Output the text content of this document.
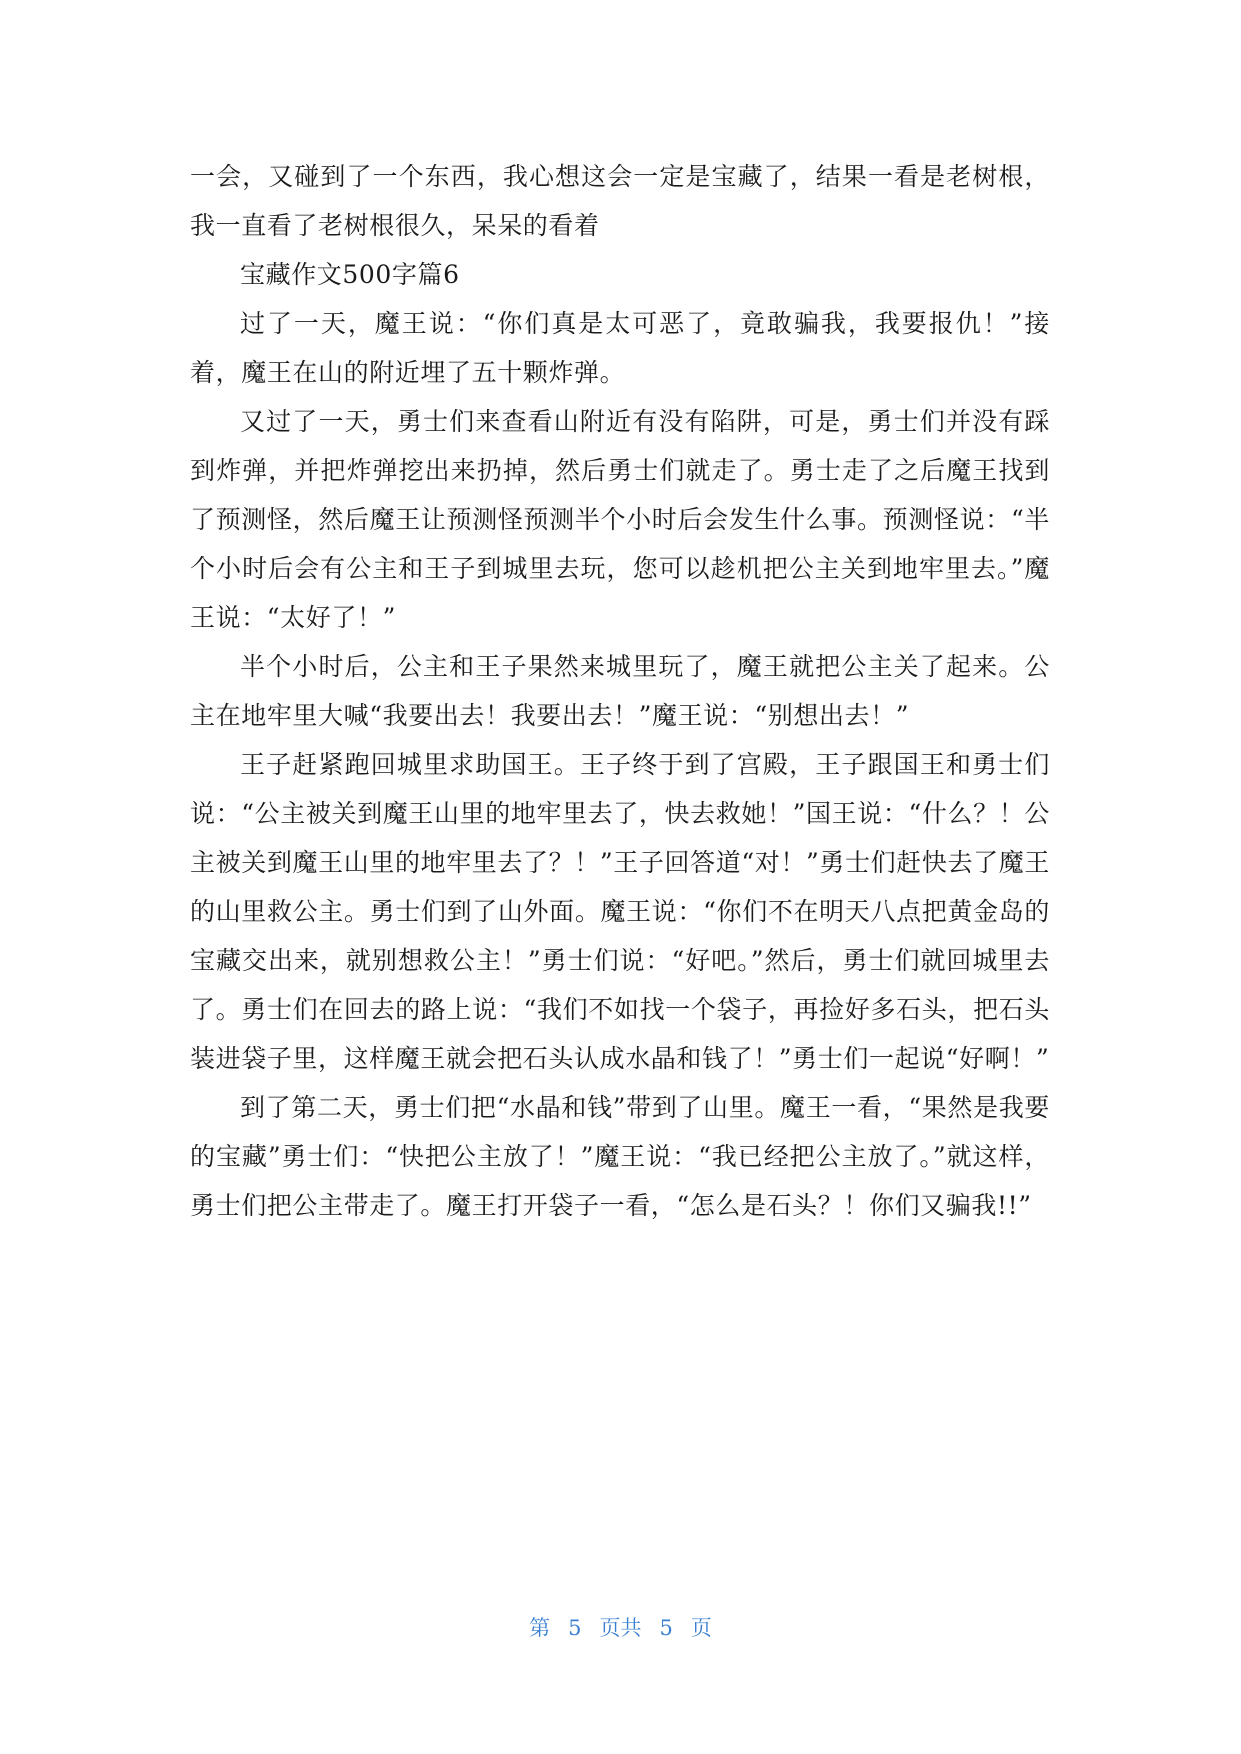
一会，又碰到了一个东西，我心想这会一定是宝藏了，结果一看是老树根，我一直看了老树根很久，呆呆的看着

宝藏作文500字篇6

过了一天，魔王说：“你们真是太可恶了，竟敢骗我，我要报仇！”接着，魔王在山的附近埋了五十颗炸弹。

又过了一天，勇士们来查看山附近有没有陷阱，可是，勇士们并没有踩到炸弹，并把炸弹挖出来扔掉，然后勇士们就走了。勇士走了之后魔王找到了预测怪，然后魔王让预测怪预测半个小时后会发生什么事。预测怪说：“半个小时后会有公主和王子到城里去玩，您可以趁机把公主关到地牢里去。”魔王说：“太好了！”

半个小时后，公主和王子果然来城里玩了，魔王就把公主关了起来。公主在地牢里大喊“我要出去！我要出去！”魔王说：“别想出去！”

王子赶紧跑回城里求助国王。王子终于到了宫殿，王子跟国王和勇士们说：“公主被关到魔王山里的地牢里去了，快去救她！”国王说：“什么？！公主被关到魔王山里的地牢里去了？！”王子回答道“对！”勇士们赶快去了魔王的山里救公主。勇士们到了山外面。魔王说：“你们不在明天八点把黄金岛的宝藏交出来，就别想救公主！”勇士们说：“好吧。”然后，勇士们就回城里去了。勇士们在回去的路上说：“我们不如找一个袋子，再捡好多石头，把石头装进袋子里，这样魔王就会把石头认成水晶和钱了！”勇士们一起说“好啊！”

到了第二天，勇士们把“水晶和钱”带到了山里。魔王一看，“果然是我要的宝藏”勇士们：“快把公主放了！”魔王说：“我已经把公主放了。”就这样，勇士们把公主带走了。魔王打开袋子一看，“怎么是石头？！你们又骗我!!”

第 5 页共 5 页
